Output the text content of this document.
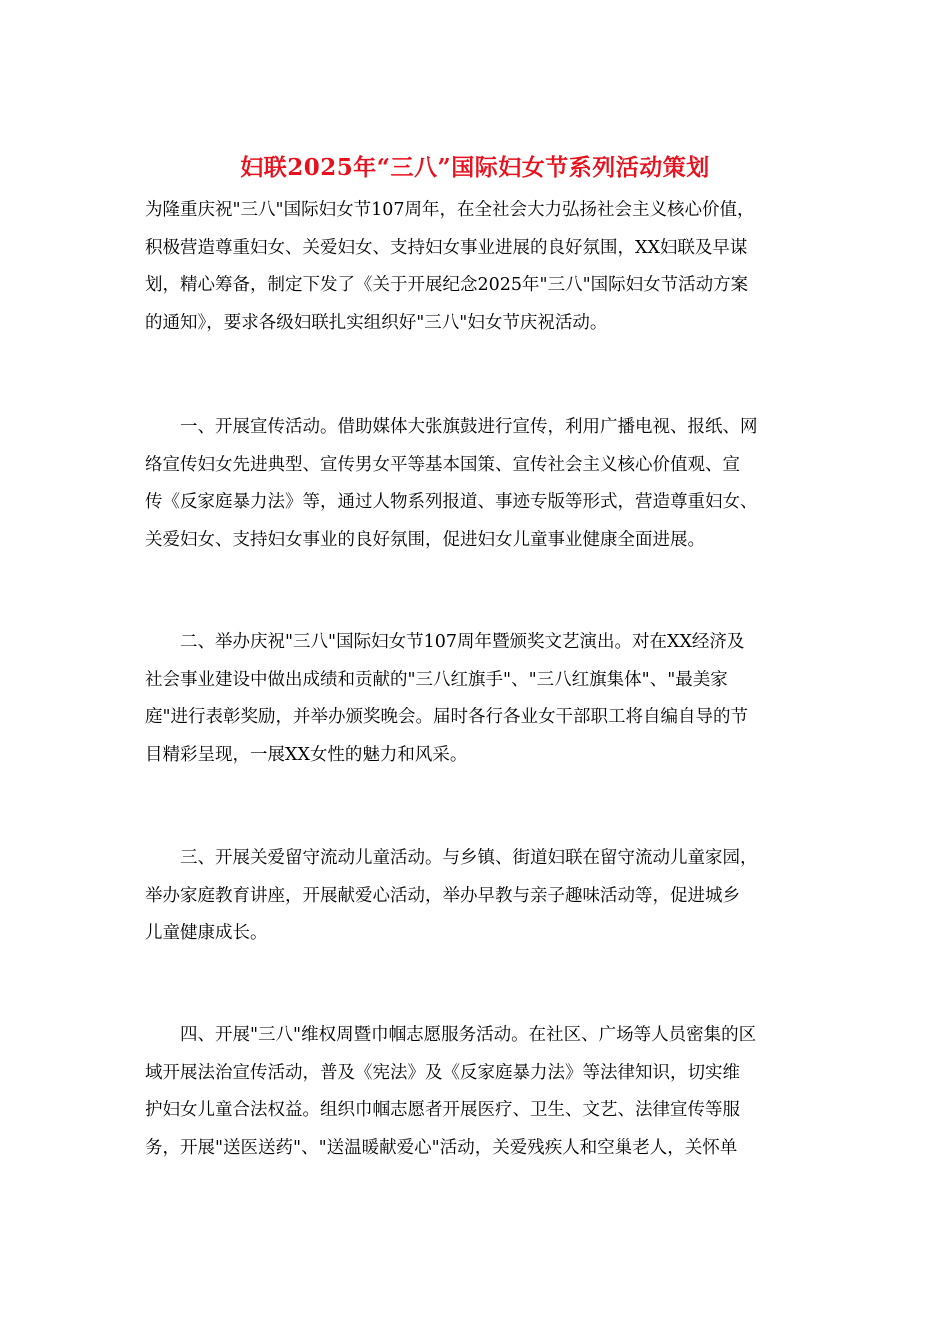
妇联2025年“三八”国际妇女节系列活动策划
为隆重庆祝"三八"国际妇女节107周年，在全社会大力弘扬社会主义核心价值，
积极营造尊重妇女、关爱妇女、支持妇女事业进展的良好氛围，XX妇联及早谋
划，精心筹备，制定下发了《关于开展纪念2025年"三八"国际妇女节活动方案
的通知》，要求各级妇联扎实组织好"三八"妇女节庆祝活动。
　　一、开展宣传活动。借助媒体大张旗鼓进行宣传，利用广播电视、报纸、网
络宣传妇女先进典型、宣传男女平等基本国策、宣传社会主义核心价值观、宣
传《反家庭暴力法》等，通过人物系列报道、事迹专版等形式，营造尊重妇女、
关爱妇女、支持妇女事业的良好氛围，促进妇女儿童事业健康全面进展。
　　二、举办庆祝"三八"国际妇女节107周年暨颁奖文艺演出。对在XX经济及
社会事业建设中做出成绩和贡献的"三八红旗手"、"三八红旗集体"、"最美家
庭"进行表彰奖励，并举办颁奖晚会。届时各行各业女干部职工将自编自导的节
目精彩呈现，一展XX女性的魅力和风采。
　　三、开展关爱留守流动儿童活动。与乡镇、街道妇联在留守流动儿童家园，
举办家庭教育讲座，开展献爱心活动，举办早教与亲子趣味活动等，促进城乡
儿童健康成长。
　　四、开展"三八"维权周暨巾帼志愿服务活动。在社区、广场等人员密集的区
域开展法治宣传活动，普及《宪法》及《反家庭暴力法》等法律知识，切实维
护妇女儿童合法权益。组织巾帼志愿者开展医疗、卫生、文艺、法律宣传等服
务，开展"送医送药"、"送温暖献爱心"活动，关爱残疾人和空巢老人，关怀单
